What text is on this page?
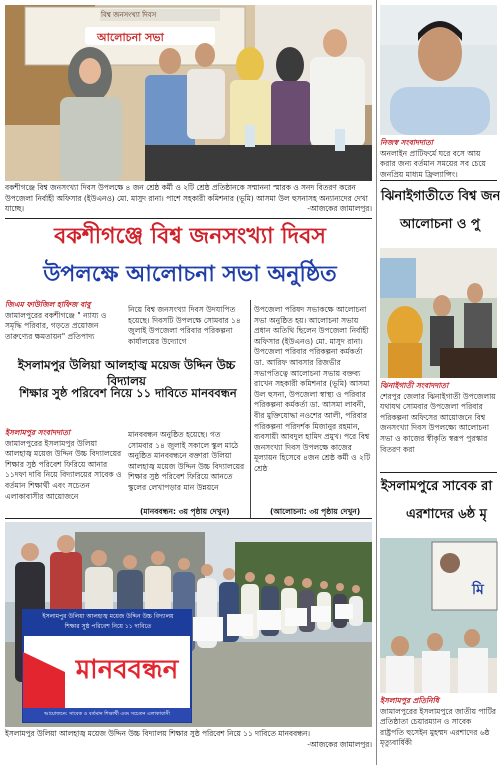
বিশ্ব জনসংখ্যা দিবস
আলোচনা সভা
বকশীগঞ্জে বিশ্ব জনসংখ্যা দিবস উপলক্ষে ৪ জন শ্রেষ্ঠ কর্মী ও ২টি শ্রেষ্ঠ প্রতিষ্ঠানকে সম্মাননা স্মারক ও সনদ বিতরণ করেন উপজেলা নির্বাহী অফিসার (ইউএনও) মো. মাসুদ রানা। পাশে সহকারী কমিশনার (ভূমি) আসমা উল হুসনাসহ অন্যান্যদের দেখা যাচ্ছে।	-আজকের জামালপুর।
বকশীগঞ্জে বিশ্ব জনসংখ্যা দিবস
উপলক্ষে আলোচনা সভা অনুষ্ঠিত
জিএম ফাউজিল হাফিজ বাবু
জামালপুরের বকশীগঞ্জে " ন্যায্য ও সমৃদ্ধি পরিবার, গড়তে প্রয়োজন তারুণ্যের ক্ষমতায়ন" প্রতিপাদ্য
নিয়ে বিশ্ব জনসংখ্যা দিবস উদযাপিত হয়েছে। দিবসটি উপলক্ষে সোমবার ১৪ জুলাই উপজেলা পরিবার পরিকল্পনা কার্যালয়ের উদ্যোগে
উপজেলা পরিষদ সভাকক্ষে আলোচনা সভা অনুষ্ঠিত হয়। আলোচনা সভায় প্রধান অতিথি ছিলেন উপজেলা নির্বাহী অফিসার (ইউএনও) মো. মাসুদ রানা। উপজেলা পরিবার পরিকল্পনা কর্মকর্তা ডা. আরিফ আবসার রিজভীর সভাপতিত্বে আলোচনা সভায় বক্তব্য রাখেন সহকারী কমিশনার (ভূমি) আসমা উল হুসনা, উপজেলা স্বাস্থ্য ও পরিবার পরিকল্পনা কর্মকর্তা ডা. আসমা লাবনী, বীর মুক্তিযোদ্ধা নওশের আলী, পরিবার পরিকল্পনা পরিদর্শক মিজানুর রহমান, ব্যবসায়ী আবদুল হামিদ প্রমুখ। পরে বিশ্ব জনসংখ্যা দিবস উপলক্ষে কাজের মূল্যায়ন হিসেবে ৪জন শ্রেষ্ঠ কর্মী ও ২টি শ্রেষ্ঠ
(আলোচনা: ৩য় পৃষ্ঠায় দেখুন)
ইসলামপুর উলিয়া আলহাজ্ব ময়েজ উদ্দিন উচ্চ বিদ্যালয়
শিক্ষার সুষ্ঠ পরিবেশ নিয়ে ১১ দাবিতে মানববন্ধন
ইসলামপুর সংবাদদাতা
জামালপুরের ইসলামপুর উলিয়া আলহাজ্ব ময়েজ উদ্দিন উচ্চ বিদ্যালয়ের শিক্ষার সুষ্ঠ পরিবেশ ফিরিয়ে আনার ১১দফা দাবি নিয়ে বিদ্যালয়ের সাবেক ও বর্তমান শিক্ষার্থী এবং সচেতন এলাকাবাসীর আয়োজনে
মানববন্ধন অনুষ্ঠিত হয়েছে। গত সোমবার ১৪ জুলাই সকালে স্কুল মাঠে অনুষ্ঠিত মানববন্ধনে বক্তারা উলিয়া আলহাজ্ব ময়েজ উদ্দিন উচ্চ বিদ্যালয়ের শিক্ষার সুষ্ঠ পরিবেশ ফিরিয়ে আনতে স্কুলের লেখাপড়ার মান উন্নয়নে
(মানববন্ধন: ৩য় পৃষ্ঠায় দেখুন)
ইসলামপুর উলিয়া আলহাজ্ব ময়েজ উদ্দিন উচ্চ বিদ্যালয়
শিক্ষার সুষ্ঠ পরিবেশ নিয়ে ১১ দাবিতে
মানববন্ধন
আয়োজনে: সাবেক ও বর্তমান শিক্ষার্থী এবং সচেতন এলাকাবাসী
ইসলামপুর উলিয়া আলহাজ্ব ময়েজ উদ্দিন উচ্চ বিদ্যালয় শিক্ষার সুষ্ঠ পরিবেশ নিয়ে ১১ দাবিতে মানববন্ধন।

-আজকের জামালপুর।
নিজস্ব সংবাদদাতা
অনলাইন প্রাটিফর্মে ঘরে বসে আয় করার জন্য বর্তমান সময়ের সব চেয়ে জনপ্রিয় মাধ্যম ফ্রিল্যান্সিং।
ঝিনাইগাতীতে বিশ্ব জন
আলোচনা ও পু
ঝিনাইগাতী সংবাদদাতা
শেরপুর জেলার ঝিনাইগাতী উপজেলায় যথাযথ সোমবার উপজেলা পরিবার পরিকল্পনা অফিসের আয়োজনে বিশ্ব জনসংখ্যা দিবস উপলক্ষ্যে আলোচনা সভা ও কাজের স্বীকৃতি স্বরূপ পুরস্কার বিতরণ করা
ইসলামপুরে সাবেক রা
এরশাদের ৬ষ্ঠ মৃ
মি
ইসলামপুর প্রতিনিধি
জামালপুরের ইসলামপুরে জাতীয় পার্টির প্রতিষ্ঠাতা চেয়ারম্যান ও সাবেক রাষ্ট্রপতি হুসেইন মুহম্মদ এরশাদের ৬ষ্ঠ মৃত্যুবার্ষিকী
